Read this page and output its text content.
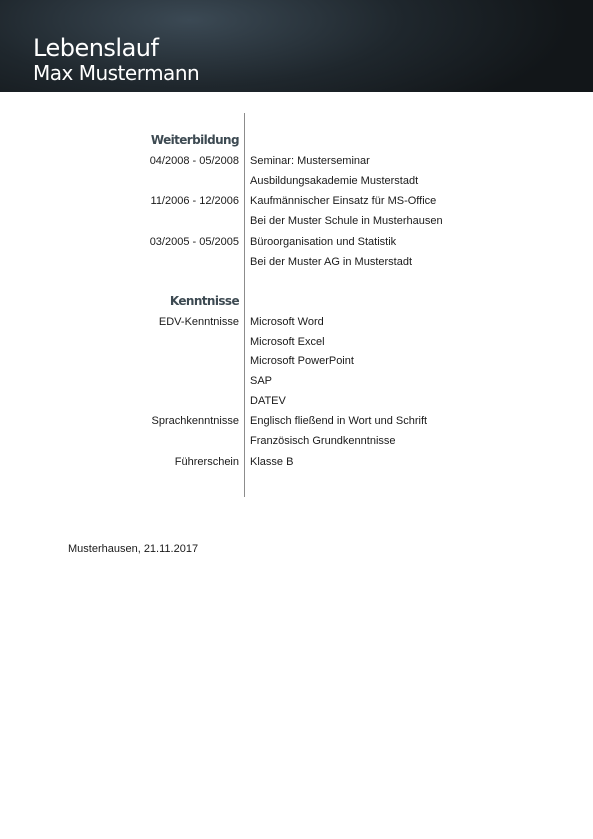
Lebenslauf
Max Mustermann
Weiterbildung
04/2008 - 05/2008 Seminar: Musterseminar
Ausbildungsakademie Musterstadt
11/2006 - 12/2006 Kaufmännischer Einsatz für MS-Office
Bei der Muster Schule in Musterhausen
03/2005 - 05/2005 Büroorganisation und Statistik
Bei der Muster AG in Musterstadt
Kenntnisse
EDV-Kenntnisse Microsoft Word
Microsoft Excel
Microsoft PowerPoint
SAP
DATEV
Sprachkenntnisse Englisch fließend in Wort und Schrift
Französisch Grundkenntnisse
Führerschein Klasse B
Musterhausen, 21.11.2017
